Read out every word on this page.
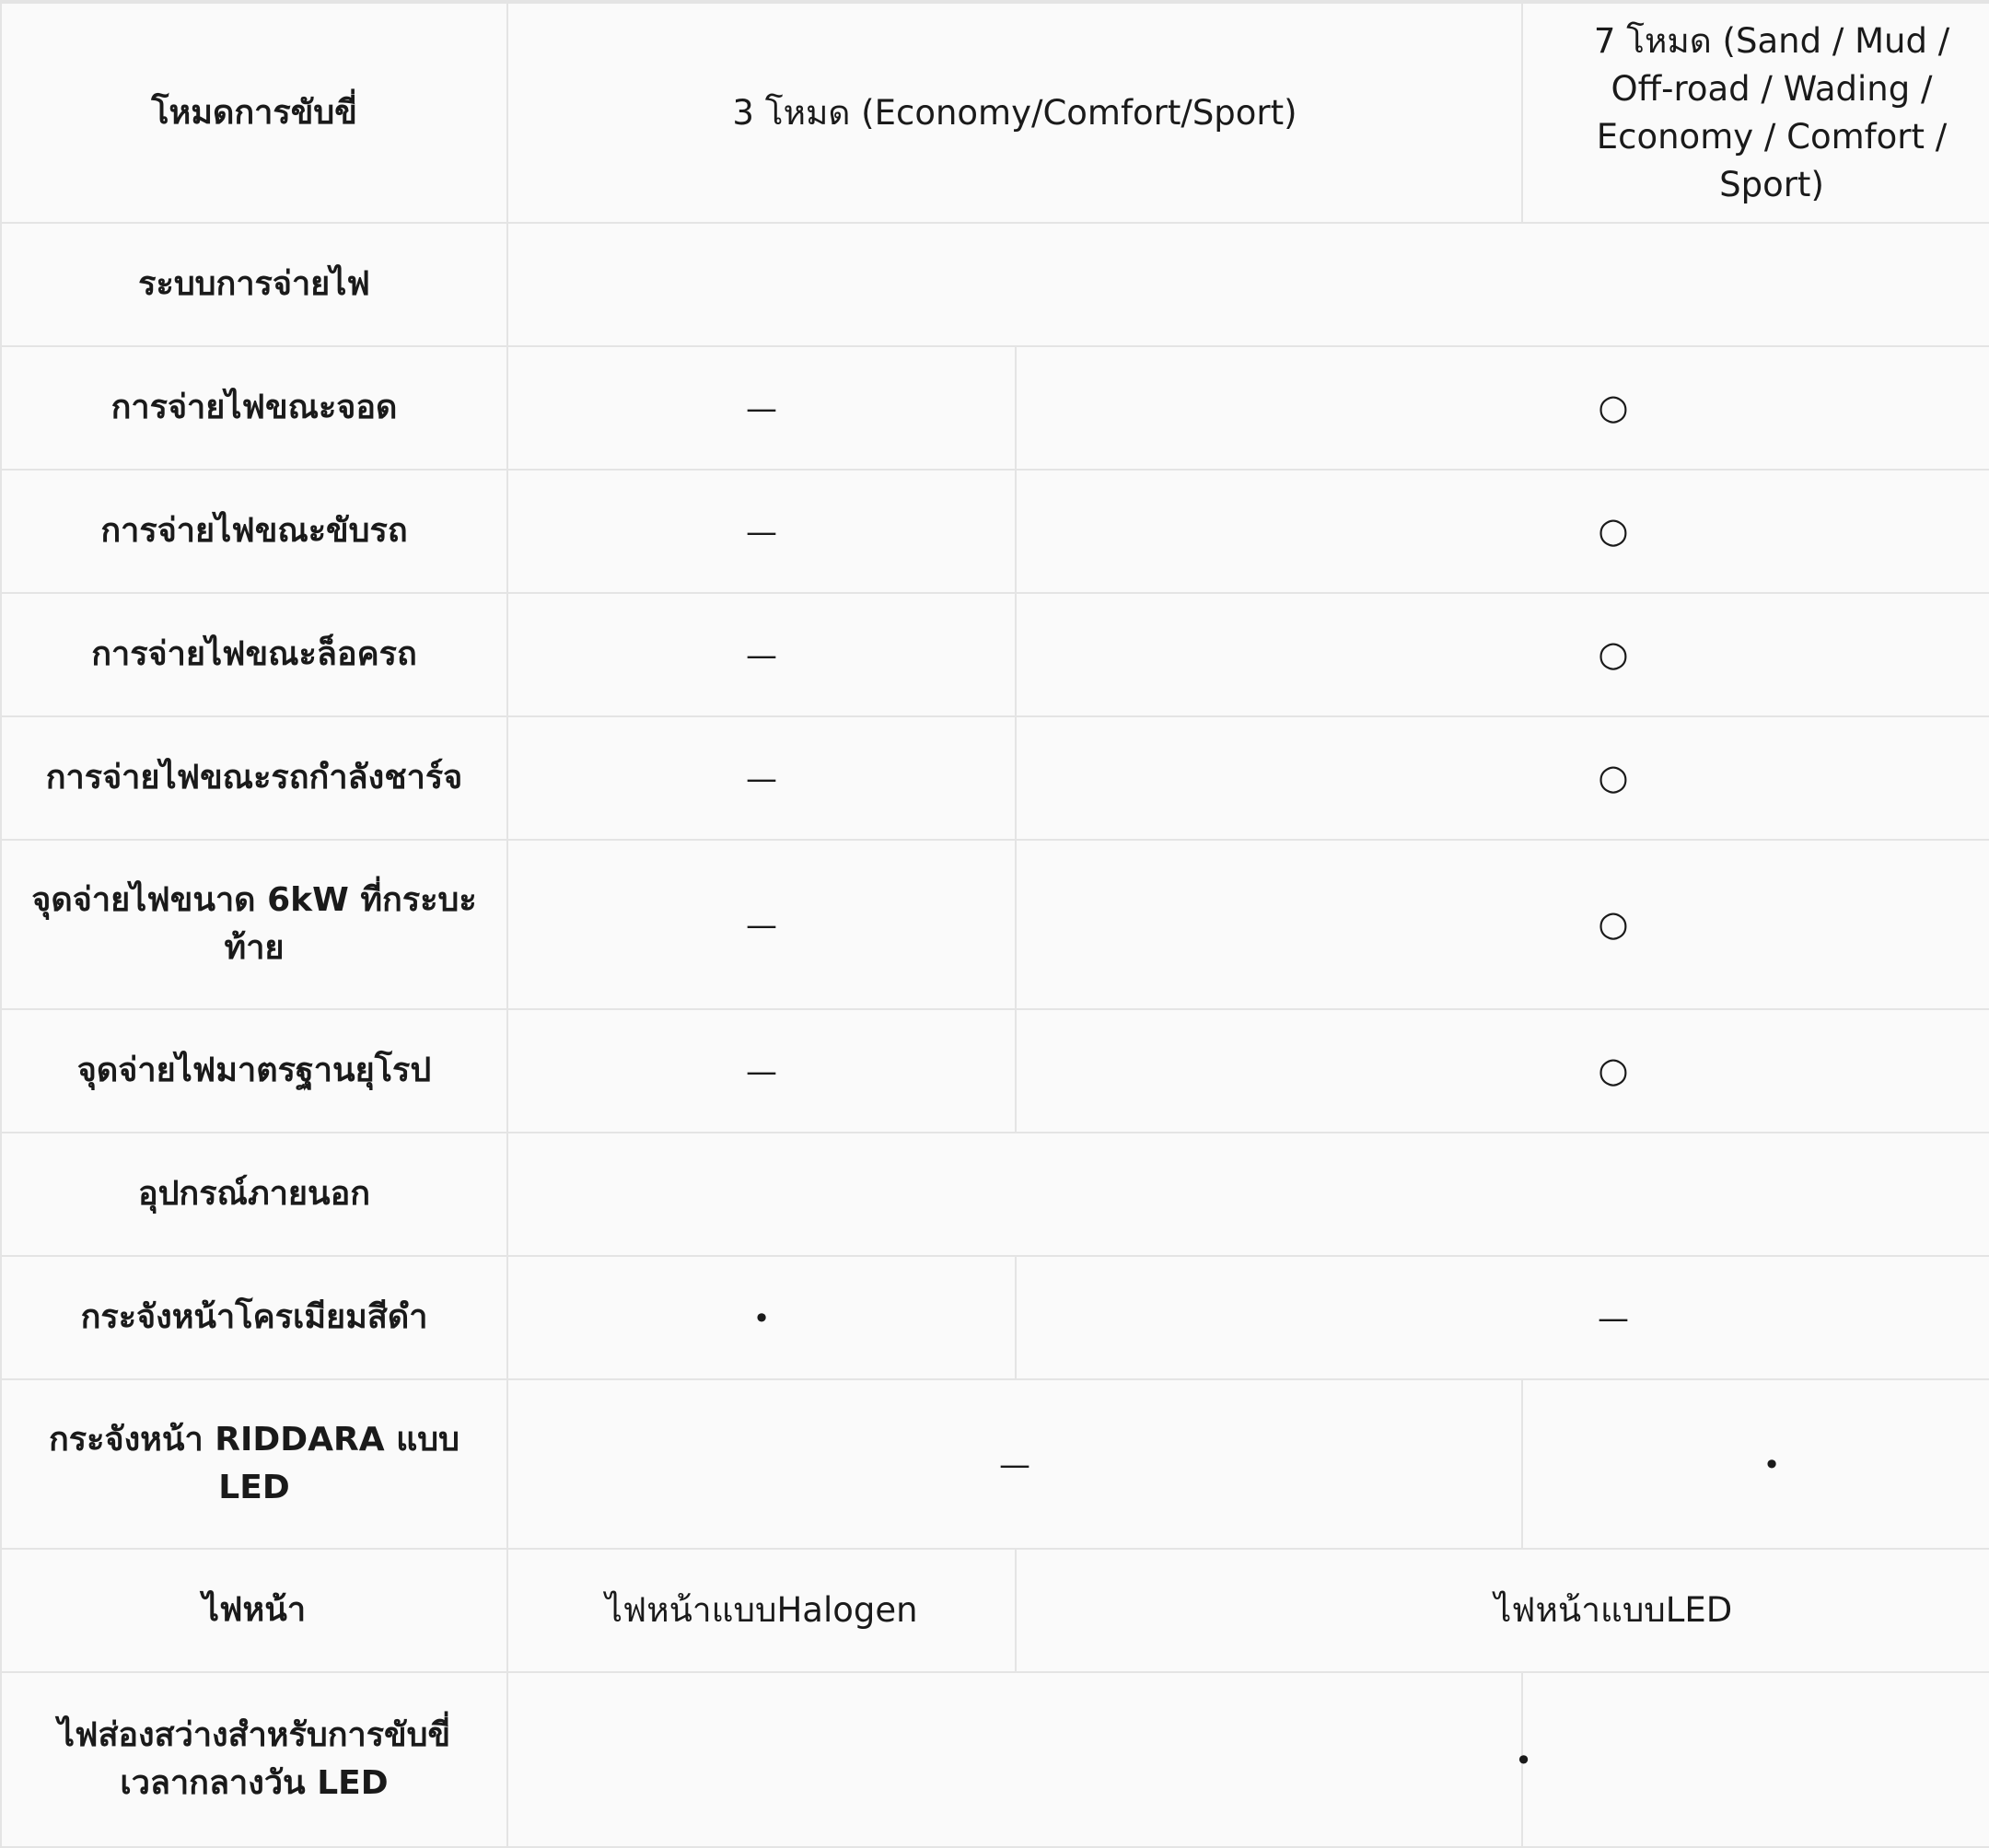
โหมดการขับขี่	3 โหมด (Economy/Comfort/Sport)		7 โหมด (Sand / Mud / Off-road / Wading / Economy / Comfort / Sport)

ระบบการจ่ายไฟ			
การจ่ายไฟขณะจอด	—	○	
การจ่ายไฟขณะขับรถ	—	○	
การจ่ายไฟขณะล็อครถ	—	○	
การจ่ายไฟขณะรถกำลังชาร์จ	—	○	
จุดจ่ายไฟขนาด 6kW ที่กระบะท้าย	—	○	
จุดจ่ายไฟมาตรฐานยุโรป	—	○	
อุปกรณ์ภายนอก			
กระจังหน้าโครเมียมสีดำ	•	—	
กระจังหน้า RIDDARA แบบ LED	—		•

ไฟหน้า	ไฟหน้าแบบHalogen	ไฟหน้าแบบLED	
ไฟส่องสว่างสำหรับการขับขี่เวลากลางวัน LED	•		
